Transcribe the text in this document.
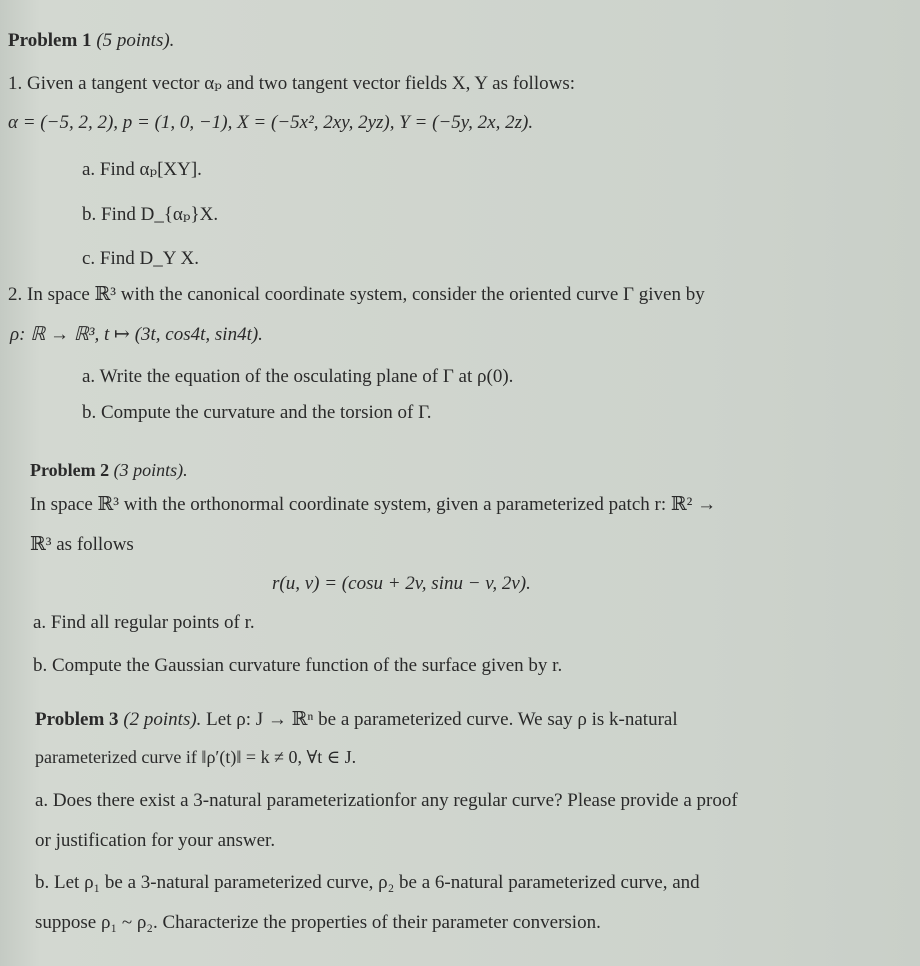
Problem 1 (5 points).
1. Given a tangent vector αₚ and two tangent vector fields X, Y as follows:
α = (−5, 2, 2), p = (1, 0, −1), X = (−5x², 2xy, 2yz), Y = (−5y, 2x, 2z).
a. Find αₚ[XY].
b. Find D_{αₚ}X.
c. Find D_Y X.
2. In space ℝ³ with the canonical coordinate system, consider the oriented curve Γ given by
ρ: ℝ → ℝ³, t ↦ (3t, cos4t, sin4t).
a. Write the equation of the osculating plane of Γ at ρ(0).
b. Compute the curvature and the torsion of Γ.
Problem 2 (3 points).
In space ℝ³ with the orthonormal coordinate system, given a parameterized patch r: ℝ² →
ℝ³ as follows
r(u, v) = (cosu + 2v, sinu − v, 2v).
a. Find all regular points of r.
b. Compute the Gaussian curvature function of the surface given by r.
Problem 3 (2 points). Let ρ: J → ℝⁿ be a parameterized curve. We say ρ is k-natural
parameterized curve if ‖ρ′(t)‖ = k ≠ 0, ∀t ∈ J.
a. Does there exist a 3-natural parameterizationfor any regular curve? Please provide a proof
or justification for your answer.
b. Let ρ₁ be a 3-natural parameterized curve, ρ₂ be a 6-natural parameterized curve, and
suppose ρ₁ ~ ρ₂. Characterize the properties of their parameter conversion.
